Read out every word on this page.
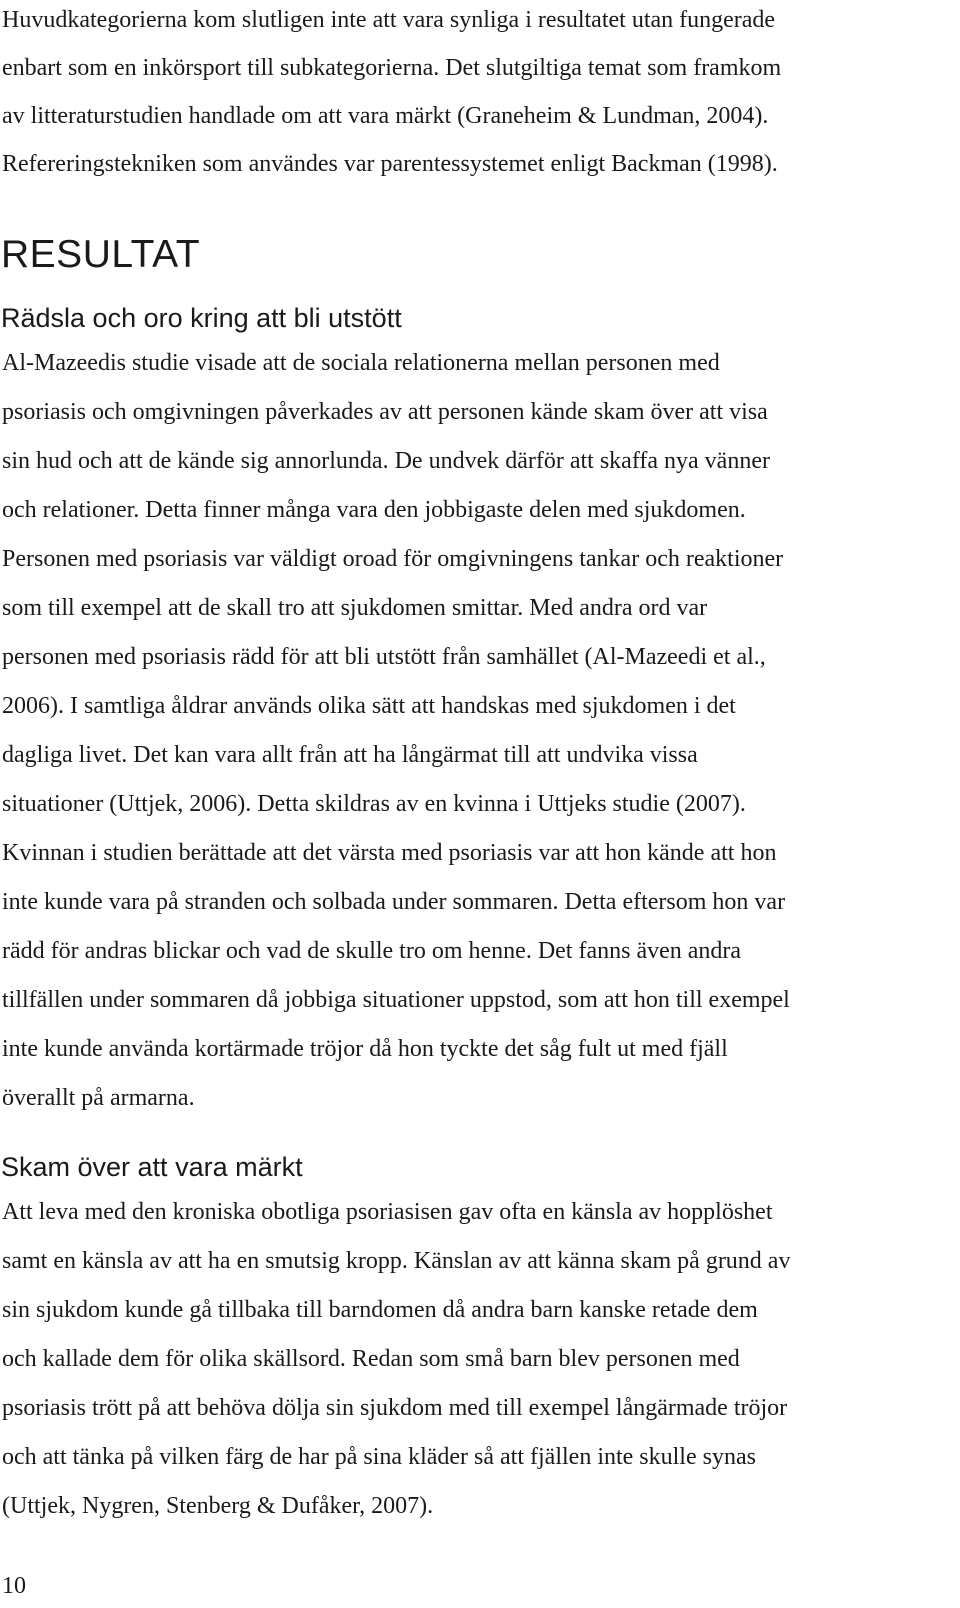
Huvudkategorierna kom slutligen inte att vara synliga i resultatet utan fungerade
enbart som en inkörsport till subkategorierna. Det slutgiltiga temat som framkom
av litteraturstudien handlade om att vara märkt (Graneheim & Lundman, 2004).
Refereringstekniken som användes var parentessystemet enligt Backman (1998).
RESULTAT
Rädsla och oro kring att bli utstött
Al-Mazeedis studie visade att de sociala relationerna mellan personen med
psoriasis och omgivningen påverkades av att personen kände skam över att visa
sin hud och att de kände sig annorlunda. De undvek därför att skaffa nya vänner
och relationer. Detta finner många vara den jobbigaste delen med sjukdomen.
Personen med psoriasis var väldigt oroad för omgivningens tankar och reaktioner
som till exempel att de skall tro att sjukdomen smittar. Med andra ord var
personen med psoriasis rädd för att bli utstött från samhället (Al-Mazeedi et al.,
2006). I samtliga åldrar används olika sätt att handskas med sjukdomen i det
dagliga livet. Det kan vara allt från att ha långärmat till att undvika vissa
situationer (Uttjek, 2006). Detta skildras av en kvinna i Uttjeks studie (2007).
Kvinnan i studien berättade att det värsta med psoriasis var att hon kände att hon
inte kunde vara på stranden och solbada under sommaren. Detta eftersom hon var
rädd för andras blickar och vad de skulle tro om henne. Det fanns även andra
tillfällen under sommaren då jobbiga situationer uppstod, som att hon till exempel
inte kunde använda kortärmade tröjor då hon tyckte det såg fult ut med fjäll
överallt på armarna.
Skam över att vara märkt
Att leva med den kroniska obotliga psoriasisen gav ofta en känsla av hopplöshet
samt en känsla av att ha en smutsig kropp. Känslan av att känna skam på grund av
sin sjukdom kunde gå tillbaka till barndomen då andra barn kanske retade dem
och kallade dem för olika skällsord. Redan som små barn blev personen med
psoriasis trött på att behöva dölja sin sjukdom med till exempel långärmade tröjor
och att tänka på vilken färg de har på sina kläder så att fjällen inte skulle synas
(Uttjek, Nygren, Stenberg & Dufåker, 2007).
10
